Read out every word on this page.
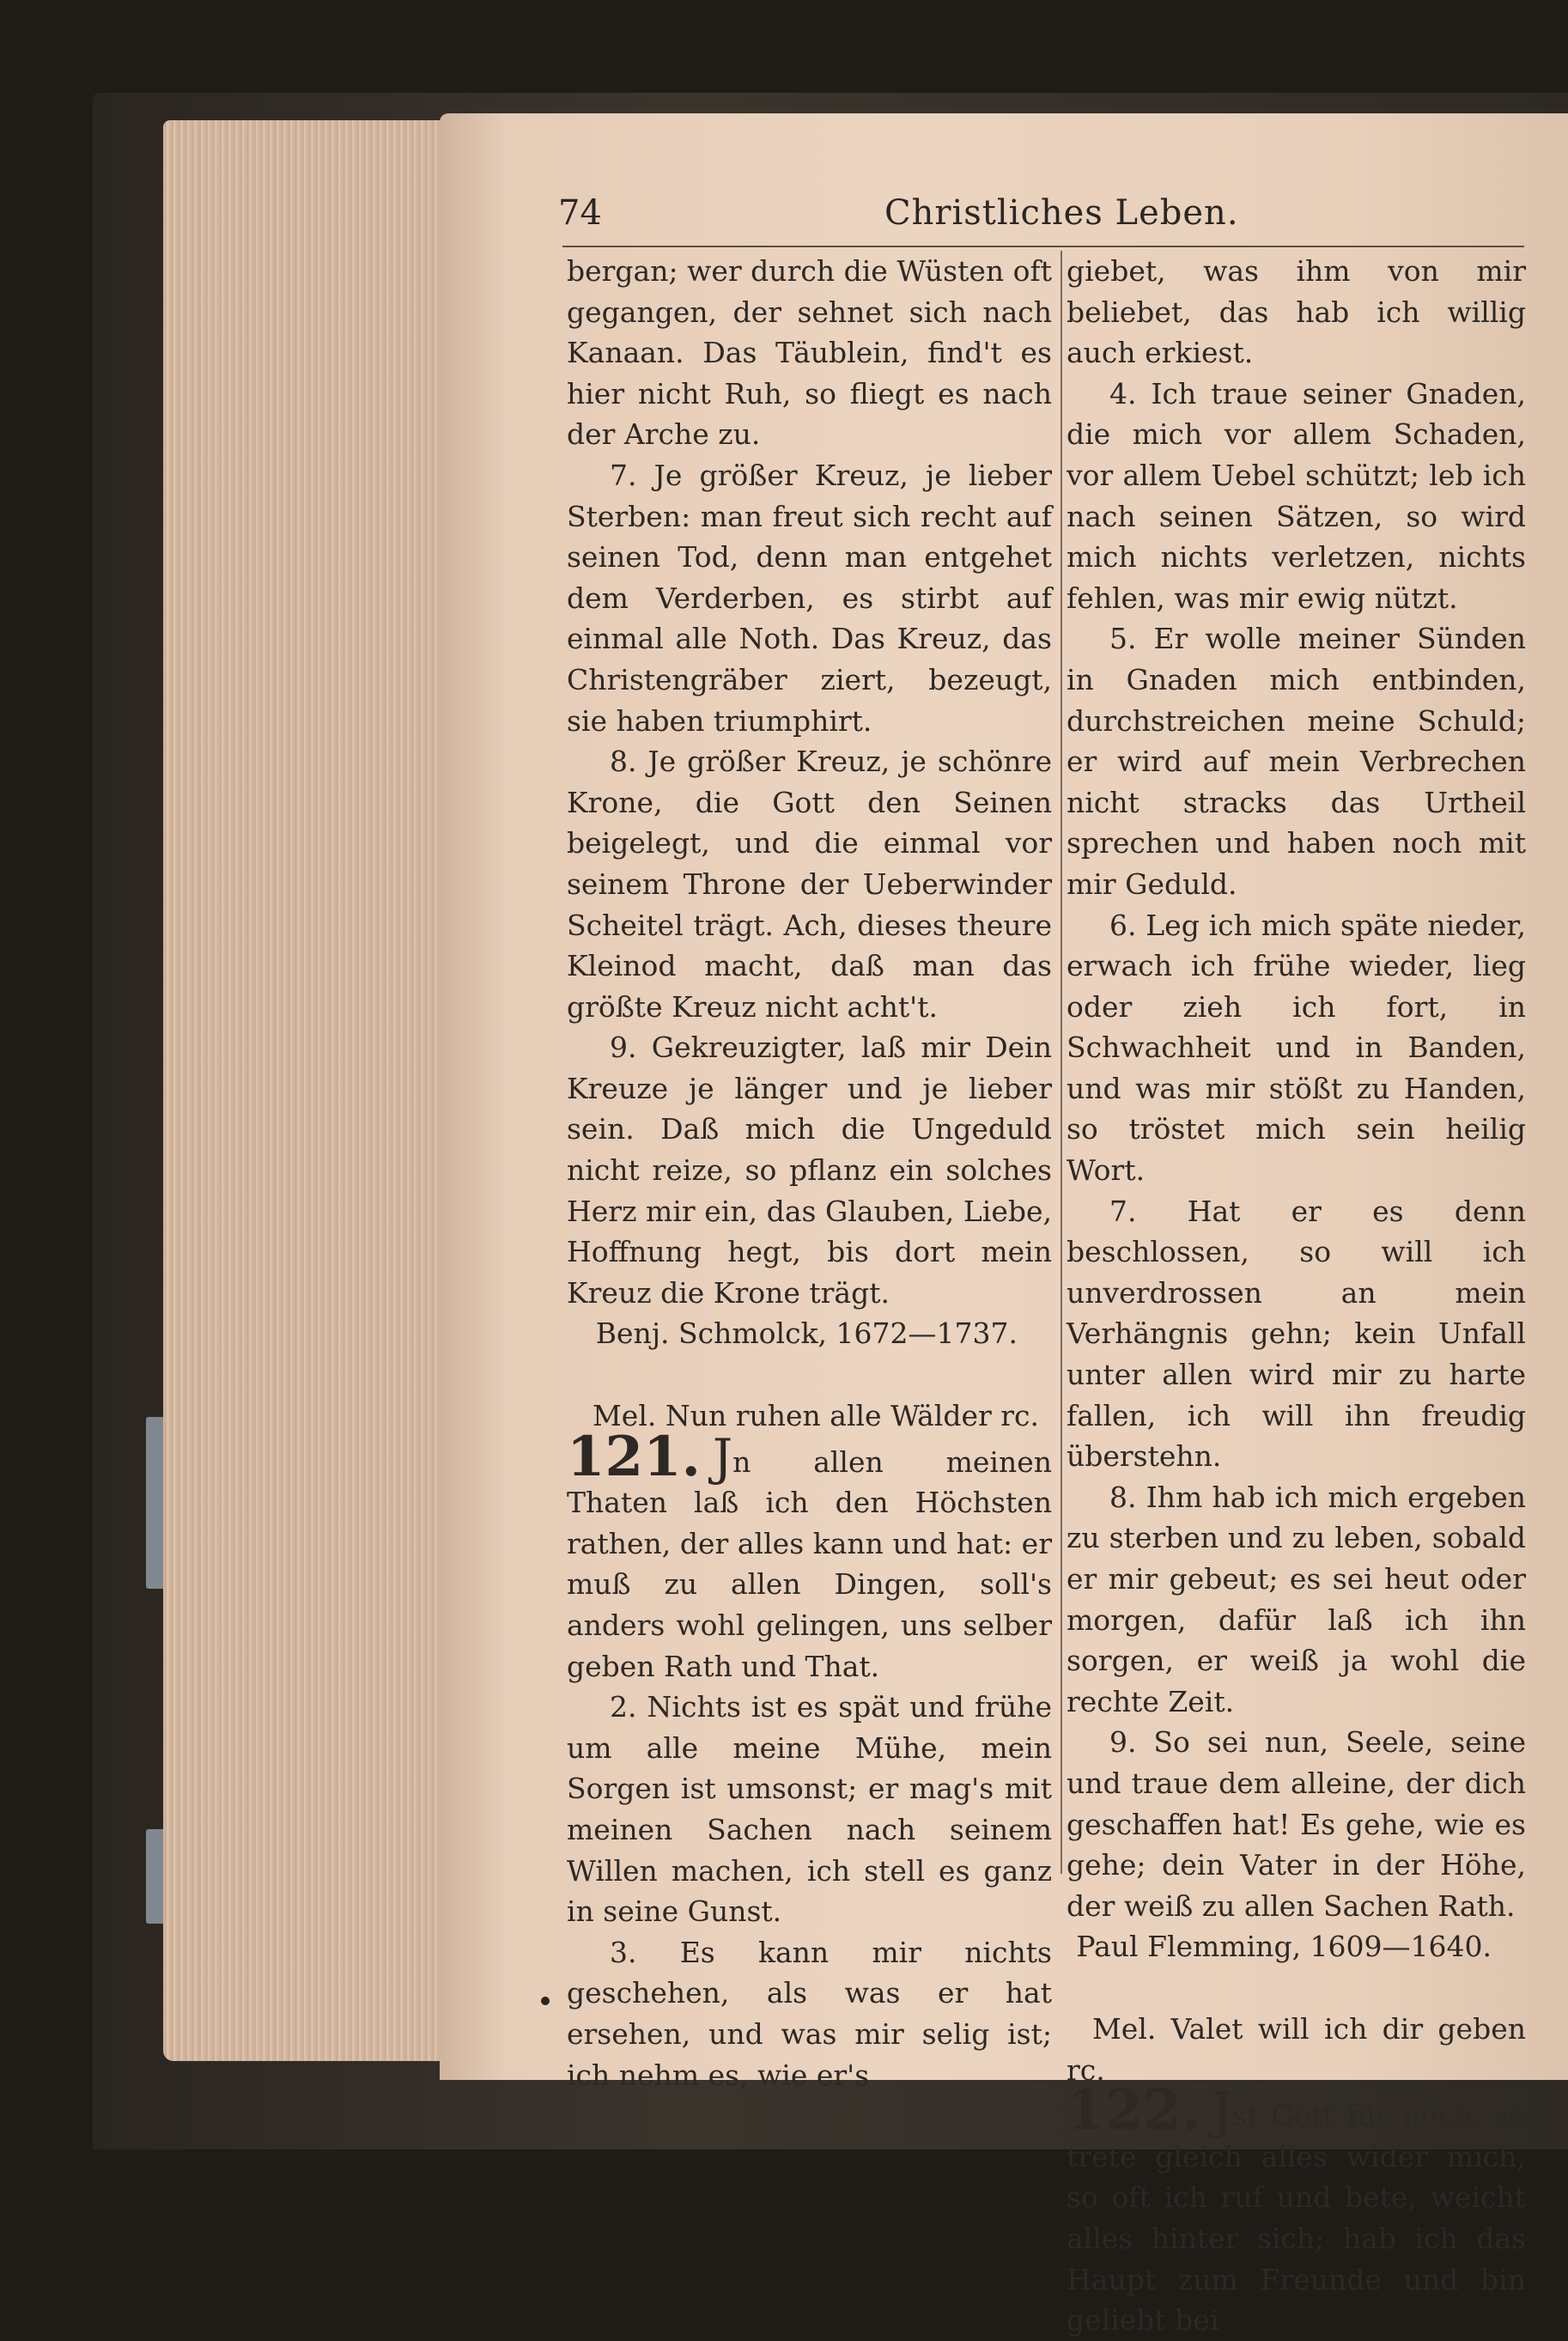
74	Christliches Leben.

bergan; wer durch die Wüsten oft gegangen, der sehnet sich nach Kanaan. Das Täublein, find't es hier nicht Ruh, so fliegt es nach der Arche zu.

7. Je größer Kreuz, je lieber Sterben: man freut sich recht auf seinen Tod, denn man entgehet dem Verderben, es stirbt auf einmal alle Noth. Das Kreuz, das Christengräber ziert, bezeugt, sie haben triumphirt.

8. Je größer Kreuz, je schönre Krone, die Gott den Seinen beigelegt, und die einmal vor seinem Throne der Ueberwinder Scheitel trägt. Ach, dieses theure Kleinod macht, daß man das größte Kreuz nicht acht't.

9. Gekreuzigter, laß mir Dein Kreuze je länger und je lieber sein. Daß mich die Ungeduld nicht reize, so pflanz ein solches Herz mir ein, das Glauben, Liebe, Hoffnung hegt, bis dort mein Kreuz die Krone trägt.

Benj. Schmolck, 1672—1737.

Mel. Nun ruhen alle Wälder rc.

121. Jn allen meinen Thaten laß ich den Höchsten rathen, der alles kann und hat: er muß zu allen Dingen, soll's anders wohl gelingen, uns selber geben Rath und That.

2. Nichts ist es spät und frühe um alle meine Mühe, mein Sorgen ist umsonst; er mag's mit meinen Sachen nach seinem Willen machen, ich stell es ganz in seine Gunst.

3. Es kann mir nichts geschehen, als was er hat ersehen, und was mir selig ist; ich nehm es, wie er's

giebet, was ihm von mir beliebet, das hab ich willig auch erkiest.

4. Ich traue seiner Gnaden, die mich vor allem Schaden, vor allem Uebel schützt; leb ich nach seinen Sätzen, so wird mich nichts verletzen, nichts fehlen, was mir ewig nützt.

5. Er wolle meiner Sünden in Gnaden mich entbinden, durchstreichen meine Schuld; er wird auf mein Verbrechen nicht stracks das Urtheil sprechen und haben noch mit mir Geduld.

6. Leg ich mich späte nieder, erwach ich frühe wieder, lieg oder zieh ich fort, in Schwachheit und in Banden, und was mir stößt zu Handen, so tröstet mich sein heilig Wort.

7. Hat er es denn beschlossen, so will ich unverdrossen an mein Verhängnis gehn; kein Unfall unter allen wird mir zu harte fallen, ich will ihn freudig überstehn.

8. Ihm hab ich mich ergeben zu sterben und zu leben, sobald er mir gebeut; es sei heut oder morgen, dafür laß ich ihn sorgen, er weiß ja wohl die rechte Zeit.

9. So sei nun, Seele, seine und traue dem alleine, der dich geschaffen hat! Es gehe, wie es gehe; dein Vater in der Höhe, der weiß zu allen Sachen Rath.

Paul Flemming, 1609—1640.

Mel. Valet will ich dir geben rc.

122. Jst Gott für mich, so trete gleich alles wider mich, so oft ich ruf und bete, weicht alles hinter sich; hab ich das Haupt zum Freunde und bin geliebt bei
